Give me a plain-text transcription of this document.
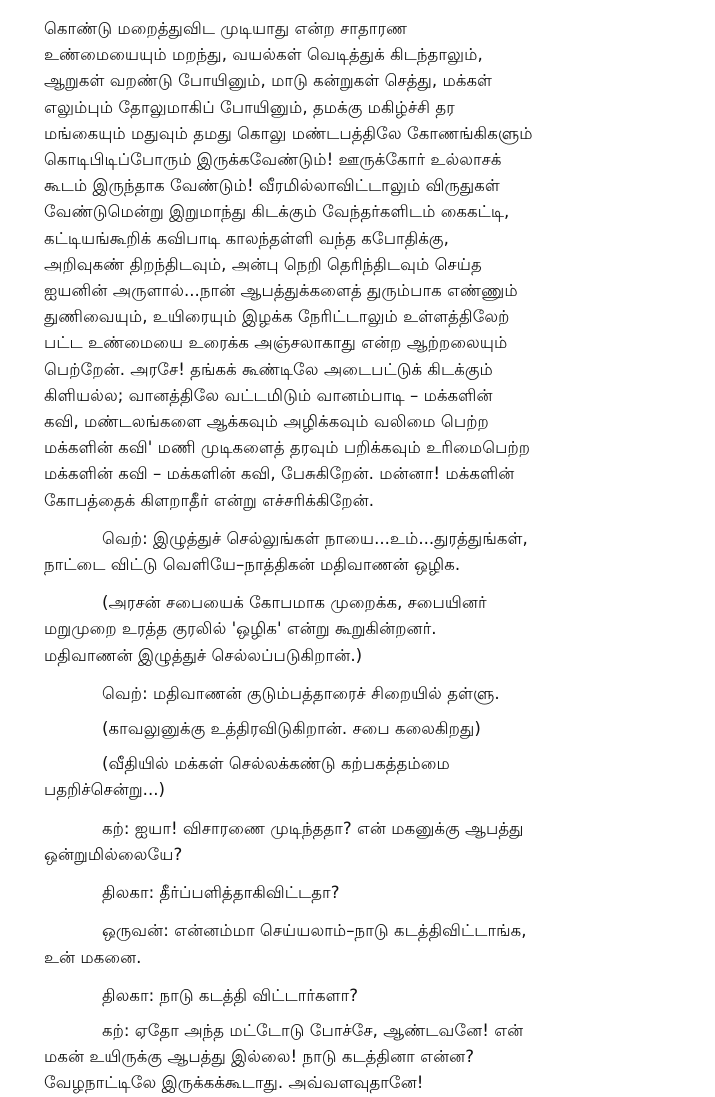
கொண்டு மறைத்துவிட முடியாது என்ற சாதாரண
உண்மையையும் மறந்து, வயல்கள் வெடித்துக் கிடந்தாலும்,
ஆறுகள் வறண்டு போயினும், மாடு கன்றுகள் செத்து, மக்கள்
எலும்பும் தோலுமாகிப் போயினும், தமக்கு மகிழ்ச்சி தர
மங்கையும் மதுவும் தமது கொலு மண்டபத்திலே கோணங்கிகளும்
கொடிபிடிப்போரும் இருக்கவேண்டும்! ஊருக்கோர் உல்லாசக்
கூடம் இருந்தாக வேண்டும்! வீரமில்லாவிட்டாலும் விருதுகள்
வேண்டுமென்று இறுமாந்து கிடக்கும் வேந்தர்களிடம் கைகட்டி,
கட்டியங்கூறிக் கவிபாடி காலந்தள்ளி வந்த கபோதிக்கு,
அறிவுகண் திறந்திடவும், அன்பு நெறி தெரிந்திடவும் செய்த
ஐயனின் அருளால்...நான் ஆபத்துக்களைத் துரும்பாக எண்ணும்
துணிவையும், உயிரையும் இழக்க நேரிட்டாலும் உள்ளத்திலேற்
பட்ட உண்மையை உரைக்க அஞ்சலாகாது என்ற ஆற்றலையும்
பெற்றேன். அரசே! தங்கக் கூண்டிலே அடைபட்டுக் கிடக்கும்
கிளியல்ல; வானத்திலே வட்டமிடும் வானம்பாடி – மக்களின்
கவி, மண்டலங்களை ஆக்கவும் அழிக்கவும் வலிமை பெற்ற
மக்களின் கவி' மணி முடிகளைத் தரவும் பறிக்கவும் உரிமைபெற்ற
மக்களின் கவி – மக்களின் கவி, பேசுகிறேன். மன்னா! மக்களின்
கோபத்தைக் கிளறாதீர் என்று எச்சரிக்கிறேன்.

வெற்: இழுத்துச் செல்லுங்கள் நாயை...உம்...துரத்துங்கள்,
நாட்டை விட்டு வெளியே–நாத்திகன் மதிவாணன் ஒழிக.

(அரசன் சபையைக் கோபமாக முறைக்க, சபையினர்
மறுமுறை உரத்த குரலில் 'ஒழிக' என்று கூறுகின்றனர்.
மதிவாணன் இழுத்துச் செல்லப்படுகிறான்.)

வெற்: மதிவாணன் குடும்பத்தாரைச் சிறையில் தள்ளு.

(காவலுனுக்கு உத்திரவிடுகிறான். சபை கலைகிறது)

(வீதியில் மக்கள் செல்லக்கண்டு கற்பகத்தம்மை
பதறிச்சென்று...)

கற்: ஐயா! விசாரணை முடிந்ததா? என் மகனுக்கு ஆபத்து
ஒன்றுமில்லையே?

திலகா: தீர்ப்பளித்தாகிவிட்டதா?

ஒருவன்: என்னம்மா செய்யலாம்–நாடு கடத்திவிட்டாங்க,
உன் மகனை.

திலகா: நாடு கடத்தி விட்டார்களா?

கற்: ஏதோ அந்த மட்டோடு போச்சே, ஆண்டவனே! என்
மகன் உயிருக்கு ஆபத்து இல்லை! நாடு கடத்தினா என்ன?
வேழநாட்டிலே இருக்கக்கூடாது. அவ்வளவுதானே!
